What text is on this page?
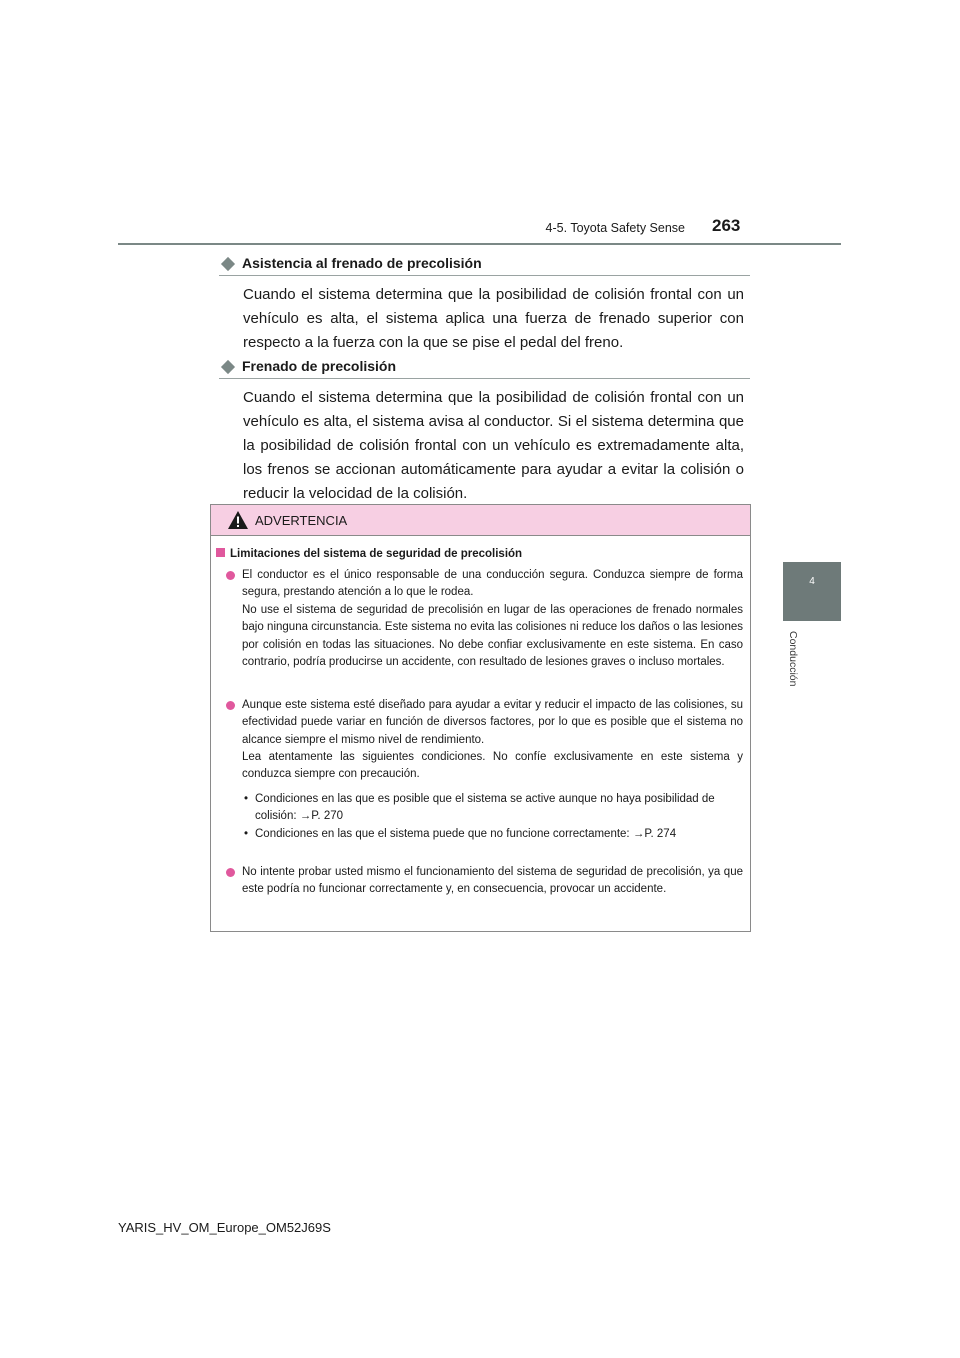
4-5. Toyota Safety Sense 263
4
Conducción
Asistencia al frenado de precolisión

Cuando el sistema determina que la posibilidad de colisión frontal con un vehículo es alta, el sistema aplica una fuerza de frenado superior con respecto a la fuerza con la que se pise el pedal del freno.

Frenado de precolisión

Cuando el sistema determina que la posibilidad de colisión frontal con un vehículo es alta, el sistema avisa al conductor. Si el sistema determina que la posibilidad de colisión frontal con un vehículo es extremadamente alta, los frenos se accionan automáticamente para ayudar a evitar la colisión o reducir la velocidad de la colisión.

ADVERTENCIA
Limitaciones del sistema de seguridad de precolisión

El conductor es el único responsable de una conducción segura. Conduzca siempre de forma segura, prestando atención a lo que le rodea.

No use el sistema de seguridad de precolisión en lugar de las operaciones de frenado normales bajo ninguna circunstancia. Este sistema no evita las colisiones ni reduce los daños o las lesiones por colisión en todas las situaciones. No debe confiar exclusivamente en este sistema. En caso contrario, podría producirse un accidente, con resultado de lesiones graves o incluso mortales.

Aunque este sistema esté diseñado para ayudar a evitar y reducir el impacto de las colisiones, su efectividad puede variar en función de diversos factores, por lo que es posible que el sistema no alcance siempre el mismo nivel de rendimiento.

Lea atentamente las siguientes condiciones. No confíe exclusivamente en este sistema y conduzca siempre con precaución.

• Condiciones en las que es posible que el sistema se active aunque no haya posibilidad de colisión: →P. 270

• Condiciones en las que el sistema puede que no funcione correctamente: →P. 274

No intente probar usted mismo el funcionamiento del sistema de seguridad de precolisión, ya que este podría no funcionar correctamente y, en consecuencia, provocar un accidente.

YARIS_HV_OM_Europe_OM52J69S
